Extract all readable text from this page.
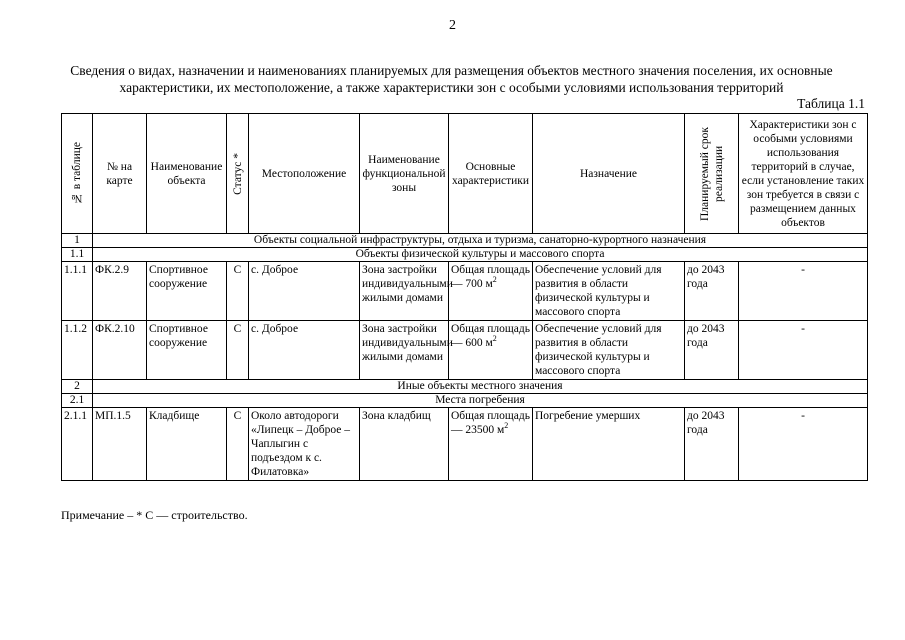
2
Сведения о видах, назначении и наименованиях планируемых для размещения объектов местного значения поселения, их основные характеристики, их местоположение, а также характеристики зон с особыми условиями использования территорий
Таблица 1.1
№ в таблице	№ на карте	Наименование объекта	Статус *	Местоположение	Наименование функциональной зоны	Основные характеристики	Назначение	Планируемый срок реализации	Характеристики зон с особыми условиями использования территорий в случае, если установление таких зон требуется в связи с размещением данных объектов
1	Объекты социальной инфраструктуры, отдыха и туризма, санаторно-курортного назначения								
1.1	Объекты физической культуры и массового спорта								
1.1.1	ФК.2.9	Спортивное сооружение	С	с. Доброе	Зона застройки индивидуальными жилыми домами	Общая площадь — 700 $м^2$	Обеспечение условий для развития в области физической культуры и массового спорта	до 2043 года	-
1.1.2	ФК.2.10	Спортивное сооружение	С	с. Доброе	Зона застройки индивидуальными жилыми домами	Общая площадь — 600 $м^2$	Обеспечение условий для развития в области физической культуры и массового спорта	до 2043 года	-
2	Иные объекты местного значения								
2.1	Места погребения								
2.1.1	МП.1.5	Кладбище	С	Около автодороги «Липецк – Доброе – Чаплыгин с подъездом к с. Филатовка»	Зона кладбищ	Общая площадь — 23500 $м^2$	Погребение умерших	до 2043 года	-
Примечание – * С — строительство.
